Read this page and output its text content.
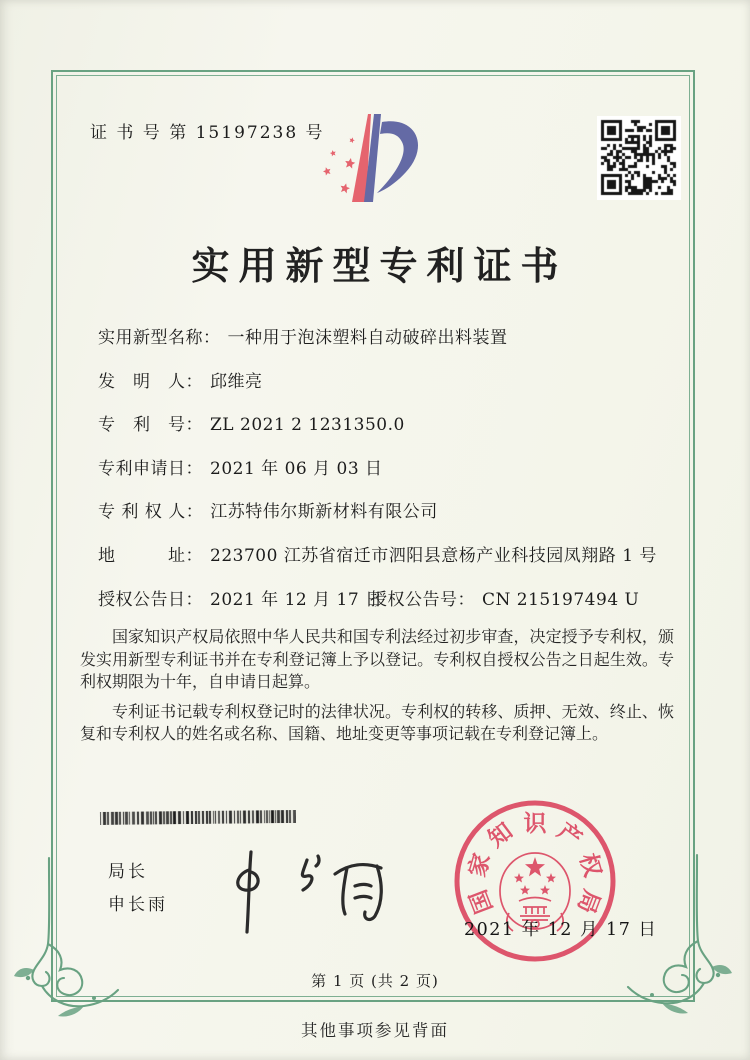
证 书 号 第 15197238 号
实用新型专利证书
实用新型名称： 一种用于泡沫塑料自动破碎出料装置
发　明　人： 邱维亮
专　利　号： ZL 2021 2 1231350.0
专利申请日： 2021 年 06 月 03 日
专 利 权 人： 江苏特伟尔斯新材料有限公司
地　　　址： 223700 江苏省宿迁市泗阳县意杨产业科技园凤翔路 1 号
授权公告日： 2021 年 12 月 17 日
授权公告号： CN 215197494 U

国家知识产权局依照中华人民共和国专利法经过初步审查，决定授予专利权，颁发实用新型专利证书并在专利登记簿上予以登记。专利权自授权公告之日起生效。专利权期限为十年，自申请日起算。

专利证书记载专利权登记时的法律状况。专利权的转移、质押、无效、终止、恢复和专利权人的姓名或名称、国籍、地址变更等事项记载在专利登记簿上。

局长
申长雨	国
家
知 识 产
权
局
2021 年 12 月 17 日
第 1 页 (共 2 页)
其他事项参见背面
